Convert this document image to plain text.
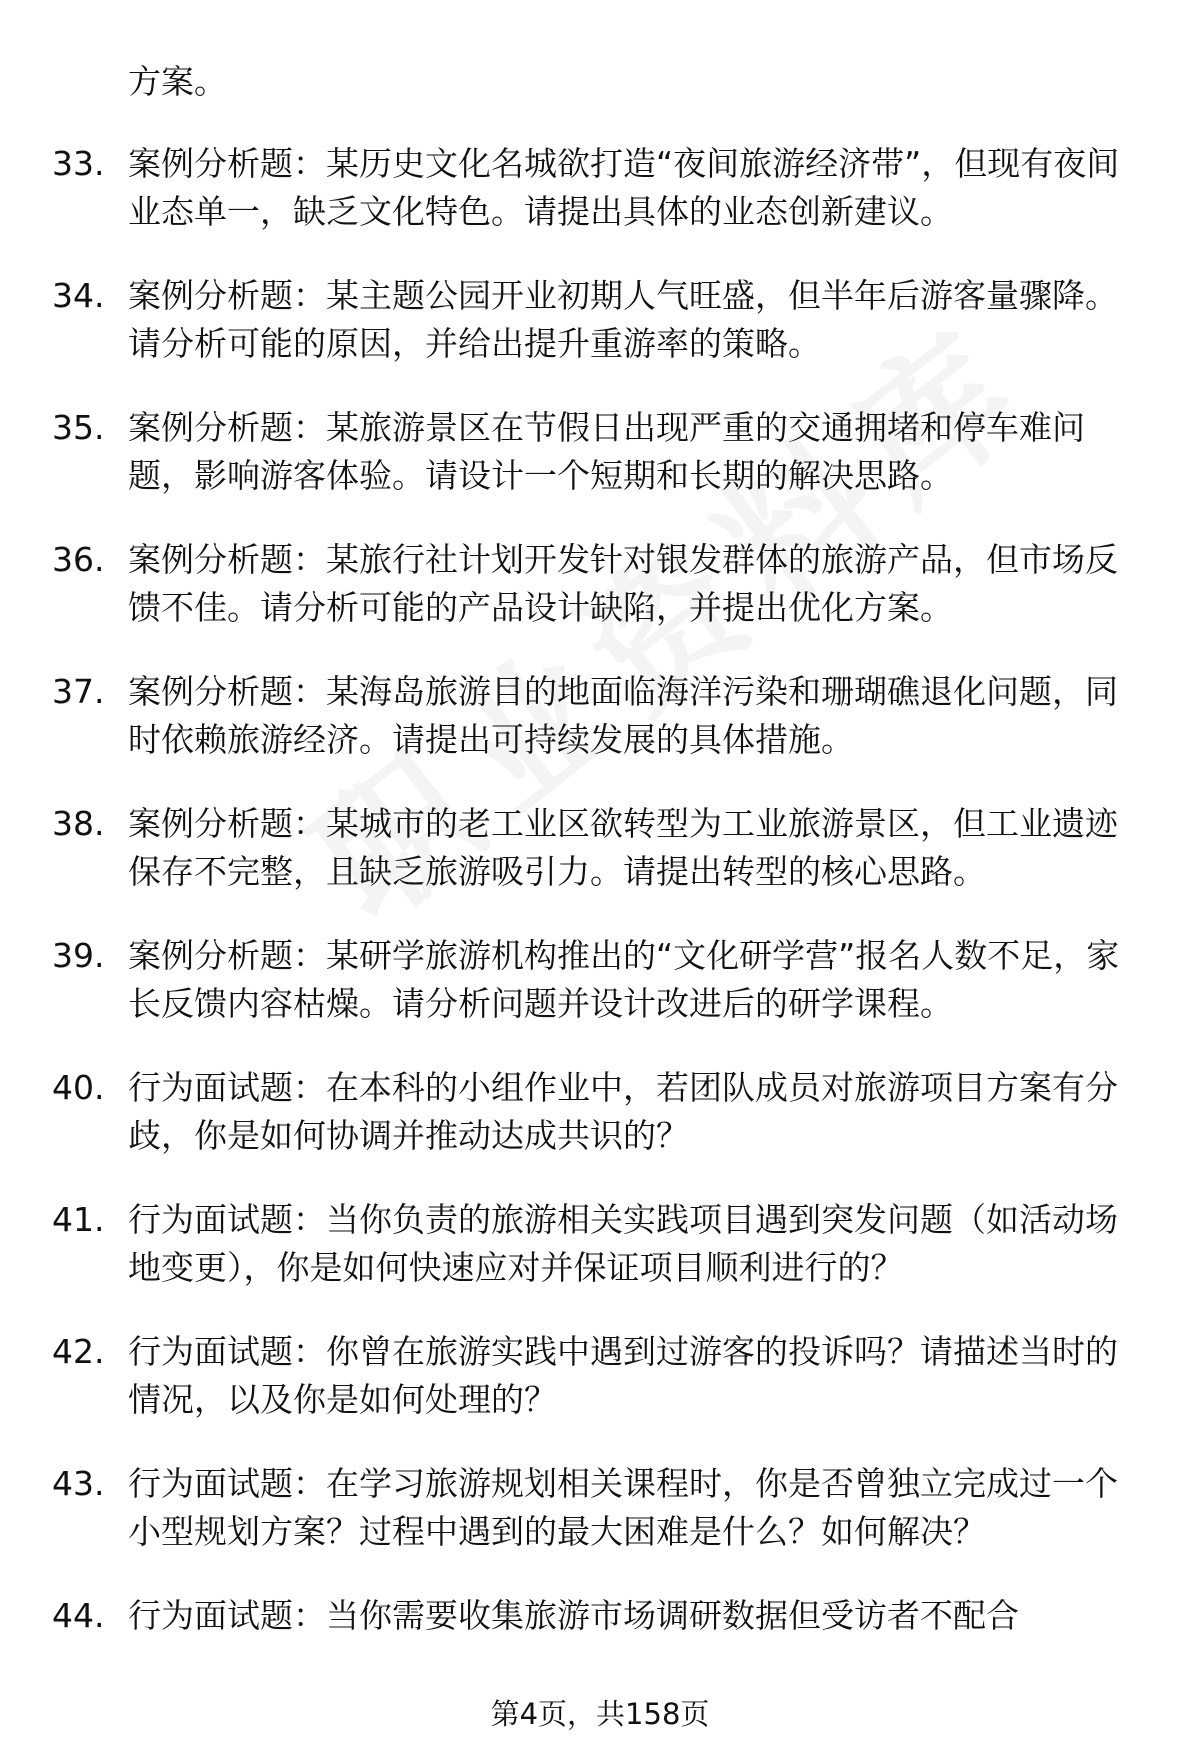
方案。

33. 案例分析题：某历史文化名城欲打造“夜间旅游经济带”，但现有夜间业态单一，缺乏文化特色。请提出具体的业态创新建议。

34. 案例分析题：某主题公园开业初期人气旺盛，但半年后游客量骤降。请分析可能的原因，并给出提升重游率的策略。

35. 案例分析题：某旅游景区在节假日出现严重的交通拥堵和停车难问题，影响游客体验。请设计一个短期和长期的解决思路。

36. 案例分析题：某旅行社计划开发针对银发群体的旅游产品，但市场反馈不佳。请分析可能的产品设计缺陷，并提出优化方案。

37. 案例分析题：某海岛旅游目的地面临海洋污染和珊瑚礁退化问题，同时依赖旅游经济。请提出可持续发展的具体措施。

38. 案例分析题：某城市的老工业区欲转型为工业旅游景区，但工业遗迹保存不完整，且缺乏旅游吸引力。请提出转型的核心思路。

39. 案例分析题：某研学旅游机构推出的“文化研学营”报名人数不足，家长反馈内容枯燥。请分析问题并设计改进后的研学课程。

40. 行为面试题：在本科的小组作业中，若团队成员对旅游项目方案有分歧，你是如何协调并推动达成共识的？

41. 行为面试题：当你负责的旅游相关实践项目遇到突发问题（如活动场地变更），你是如何快速应对并保证项目顺利进行的？

42. 行为面试题：你曾在旅游实践中遇到过游客的投诉吗？请描述当时的情况，以及你是如何处理的？

43. 行为面试题：在学习旅游规划相关课程时，你是否曾独立完成过一个小型规划方案？过程中遇到的最大困难是什么？如何解决？

44. 行为面试题：当你需要收集旅游市场调研数据但受访者不配合

第4页，共158页
